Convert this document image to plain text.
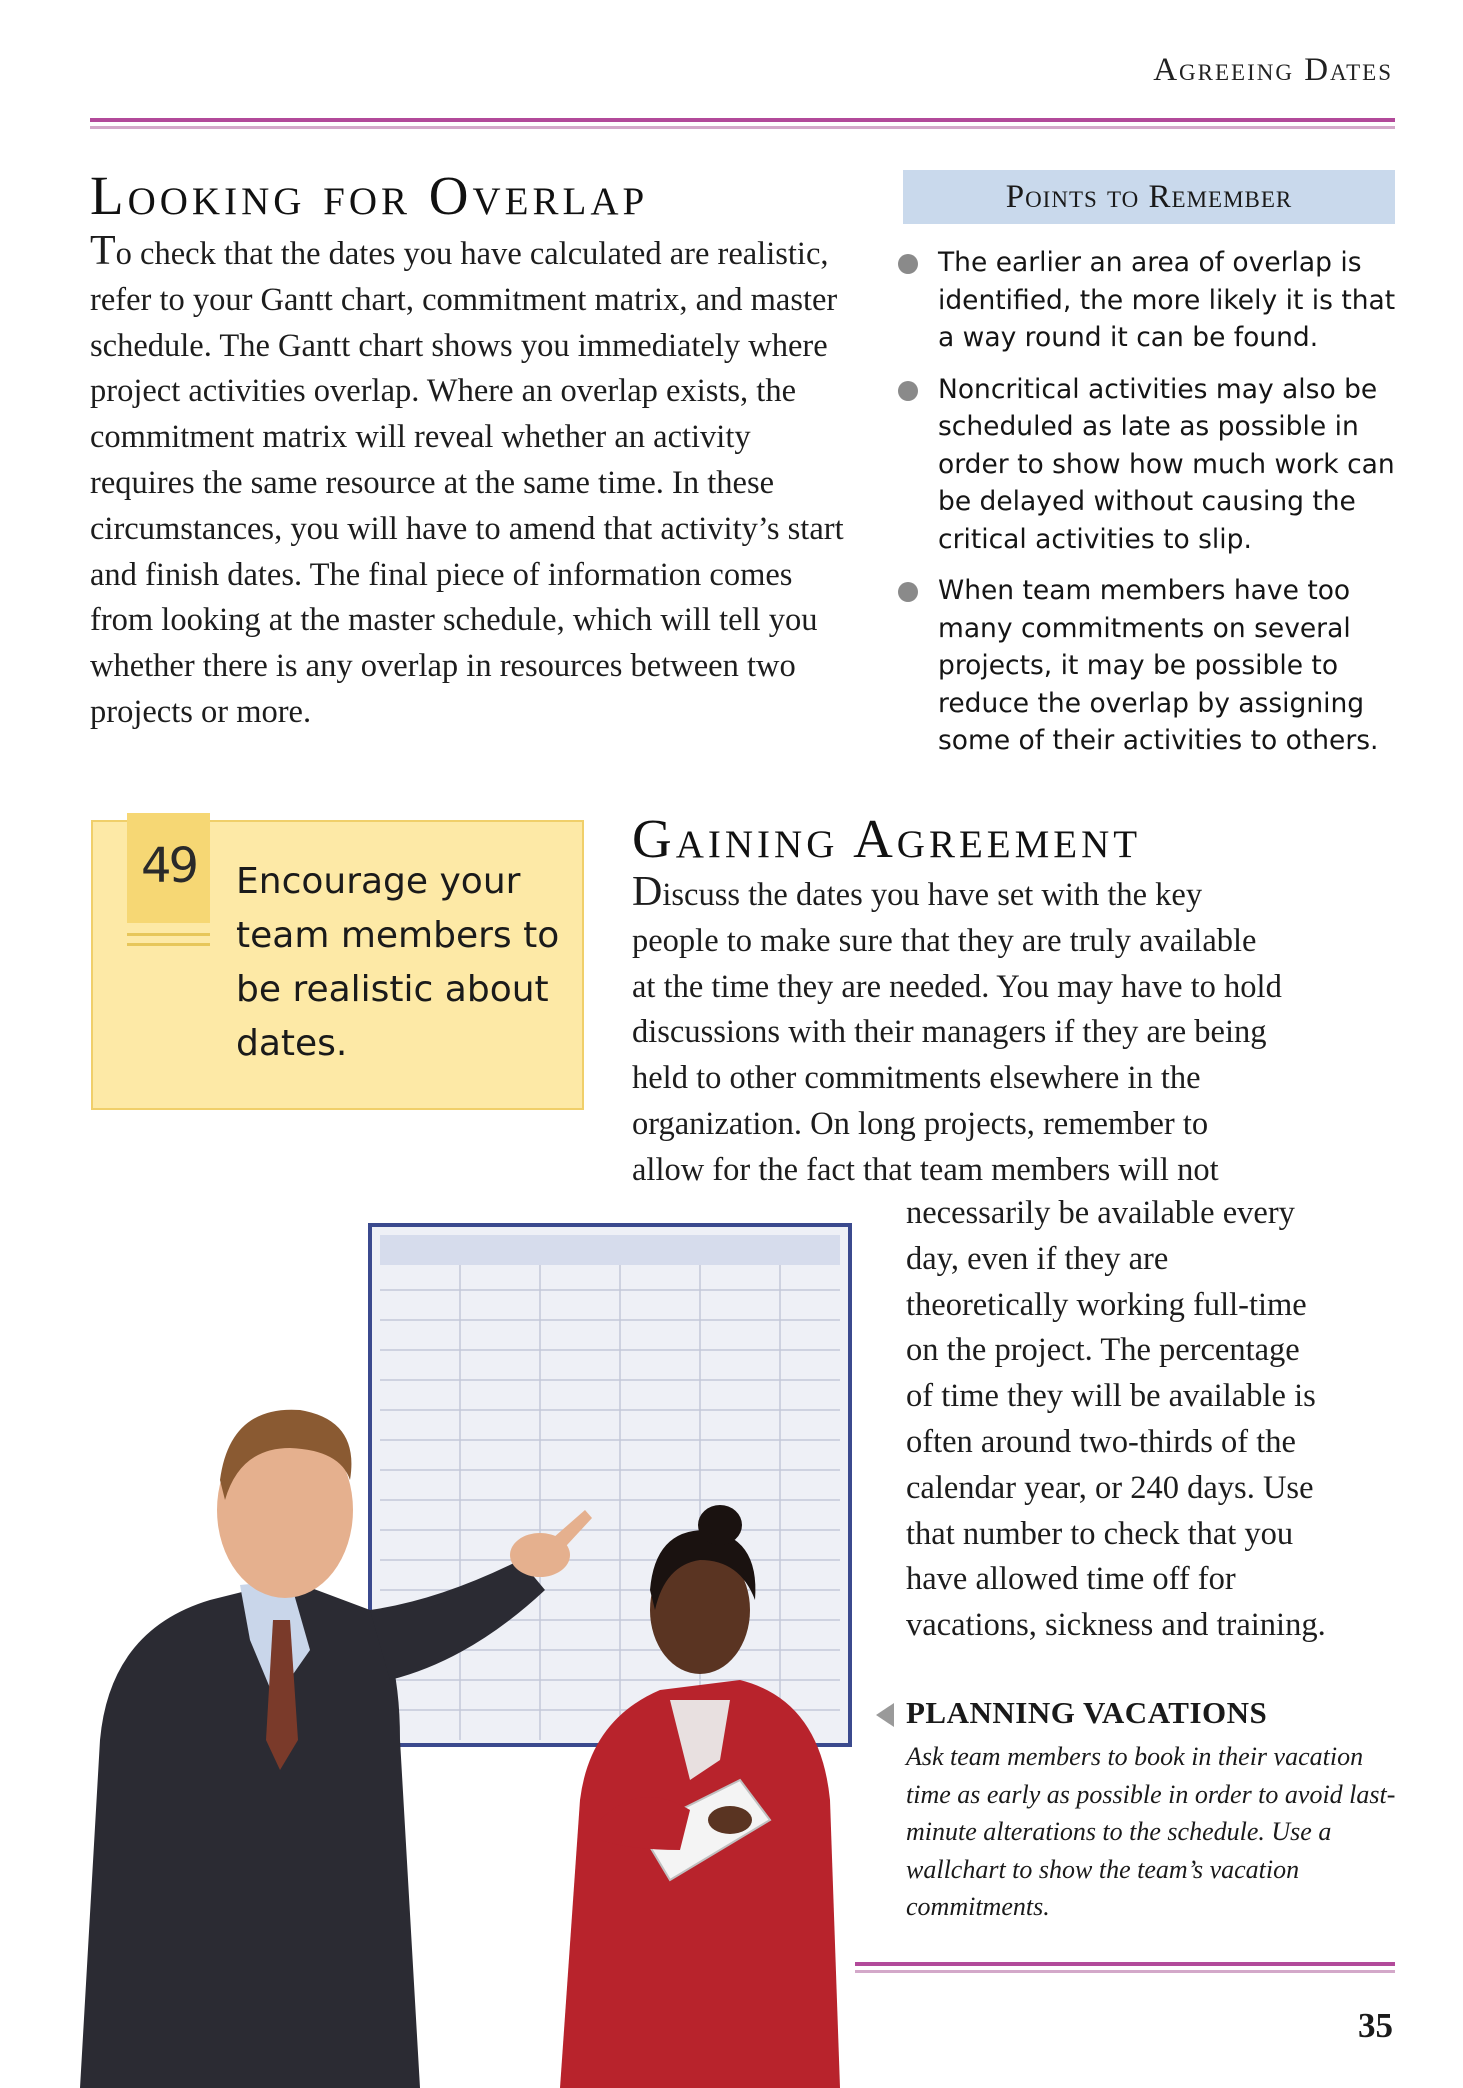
Agreeing Dates
Looking for Overlap
To check that the dates you have calculated are realistic, refer to your Gantt chart, commitment matrix, and master schedule. The Gantt chart shows you immediately where project activities overlap. Where an overlap exists, the commitment matrix will reveal whether an activity requires the same resource at the same time. In these circumstances, you will have to amend that activity’s start and finish dates. The final piece of information comes from looking at the master schedule, which will tell you whether there is any overlap in resources between two projects or more.
Points to Remember
The earlier an area of overlap is identified, the more likely it is that a way round it can be found.
Noncritical activities may also be scheduled as late as possible in order to show how much work can be delayed without causing the critical activities to slip.
When team members have too many commitments on several projects, it may be possible to reduce the overlap by assigning some of their activities to others.
49	Encourage your team members to be realistic about dates.
Gaining Agreement
Discuss the dates you have set with the key
people to make sure that they are truly available
at the time they are needed. You may have to hold
discussions with their managers if they are being
held to other commitments elsewhere in the
organization. On long projects, remember to
allow for the fact that team members will not
necessarily be available every
day, even if they are
theoretically working full-time
on the project. The percentage
of time they will be available is
often around two-thirds of the
calendar year, or 240 days. Use
that number to check that you
have allowed time off for
vacations, sickness and training.
PLANNING VACATIONS
Ask team members to book in their vacation time as early as possible in order to avoid last-minute alterations to the schedule. Use a wallchart to show the team’s vacation commitments.
35
